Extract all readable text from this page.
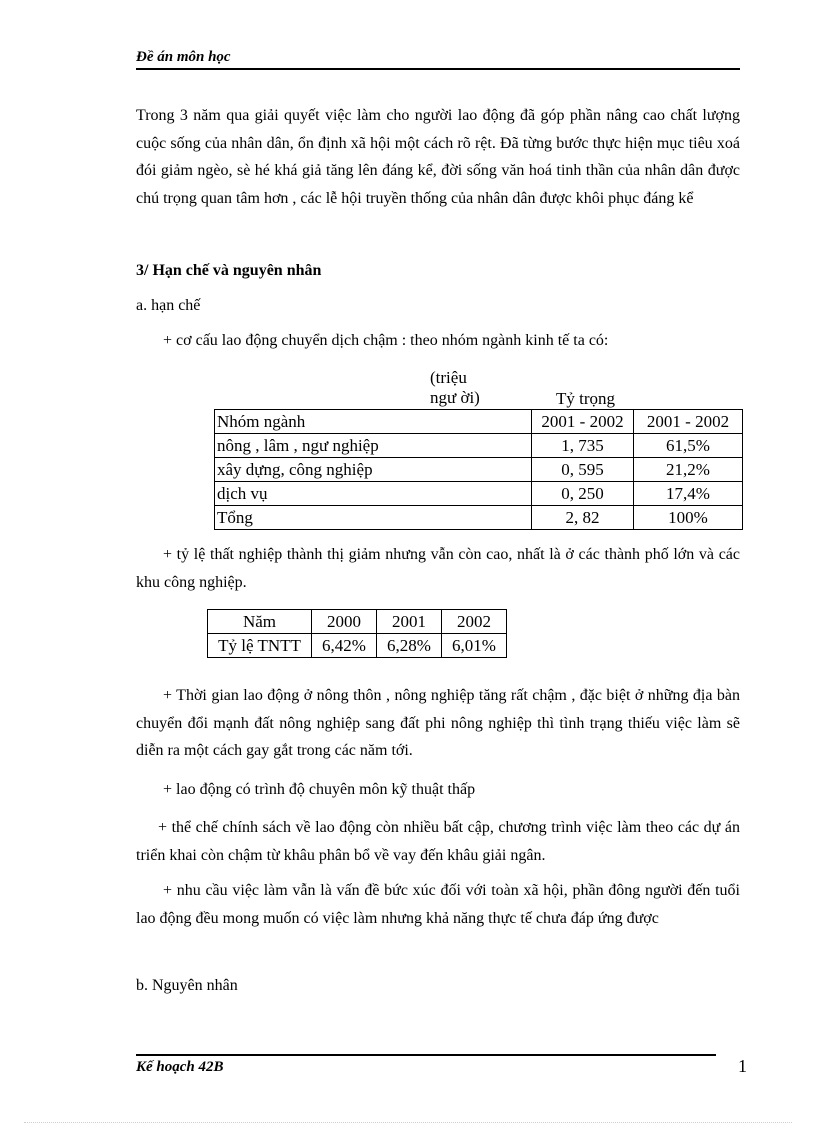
Đề án môn học
Trong 3 năm qua giải quyết việc làm cho người lao động đã góp phần nâng cao chất lượng cuộc sống của nhân dân, ổn định xã hội một cách rõ rệt. Đã từng bước thực hiện mục tiêu xoá đói giảm ngèo, sè hé khá giả tăng lên đáng kể, đời sống văn hoá tinh thần của nhân dân được chú trọng quan tâm hơn , các lễ hội truyền thống của nhân dân được khôi phục đáng kể
3/ Hạn chế và nguyên nhân
a. hạn chế
+ cơ cấu lao động chuyển dịch chậm : theo nhóm ngành kinh tế ta có:
(triệu
ngư ời)	Tỷ trọng
Nhóm ngành	2001 - 2002	2001 - 2002
nông , lâm , ngư nghiệp	1, 735	61,5%
xây dựng, công nghiệp	0, 595	21,2%
dịch vụ	0, 250	17,4%
Tổng	2, 82	100%
+ tỷ lệ thất nghiệp thành thị giảm nhưng vẫn còn cao, nhất là ở các thành phố lớn và các khu công nghiệp.
Năm	2000	2001	2002
Tỷ lệ TNTT	6,42%	6,28%	6,01%
+ Thời gian lao động ở nông thôn , nông nghiệp tăng rất chậm , đặc biệt ở những địa bàn chuyển đổi mạnh đất nông nghiệp sang đất phi nông nghiệp thì tình trạng thiếu việc làm sẽ diễn ra một cách gay gắt trong các năm tới.
+ lao động có trình độ chuyên môn kỹ thuật thấp
+ thể chế chính sách về lao động còn nhiều bất cập, chương trình việc làm theo các dự án triển khai còn chậm từ khâu phân bổ về vay đến khâu giải ngân.
+ nhu cầu việc làm vẫn là vấn đề bức xúc đối với toàn xã hội, phần đông người đến tuổi lao động đều mong muốn có việc làm nhưng khả năng thực tế chưa đáp ứng được
b. Nguyên nhân
Kế hoạch 42B	1
